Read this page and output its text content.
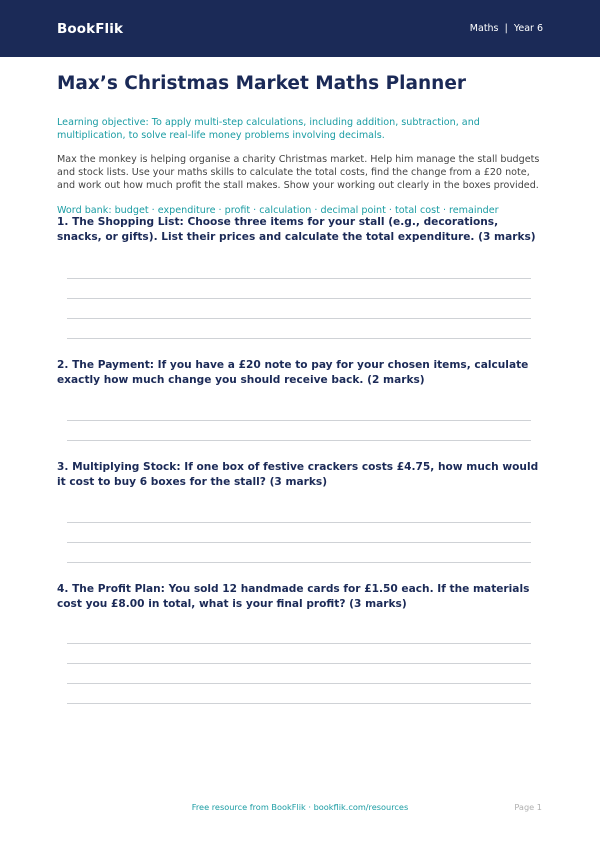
BookFlik	Maths | Year 6
Max’s Christmas Market Maths Planner

Learning objective: To apply multi-step calculations, including addition, subtraction, and multiplication, to solve real-life money problems involving decimals.

Max the monkey is helping organise a charity Christmas market. Help him manage the stall budgets and stock lists. Use your maths skills to calculate the total costs, find the change from a £20 note, and work out how much profit the stall makes. Show your working out clearly in the boxes provided.

Word bank: budget · expenditure · profit · calculation · decimal point · total cost · remainder

1. The Shopping List: Choose three items for your stall (e.g., decorations, snacks, or gifts). List their prices and calculate the total expenditure. (3 marks)

2. The Payment: If you have a £20 note to pay for your chosen items, calculate exactly how much change you should receive back. (2 marks)

3. Multiplying Stock: If one box of festive crackers costs £4.75, how much would it cost to buy 6 boxes for the stall? (3 marks)

4. The Profit Plan: You sold 12 handmade cards for £1.50 each. If the materials cost you £8.00 in total, what is your final profit? (3 marks)

Free resource from BookFlik · bookflik.com/resources	Page 1
